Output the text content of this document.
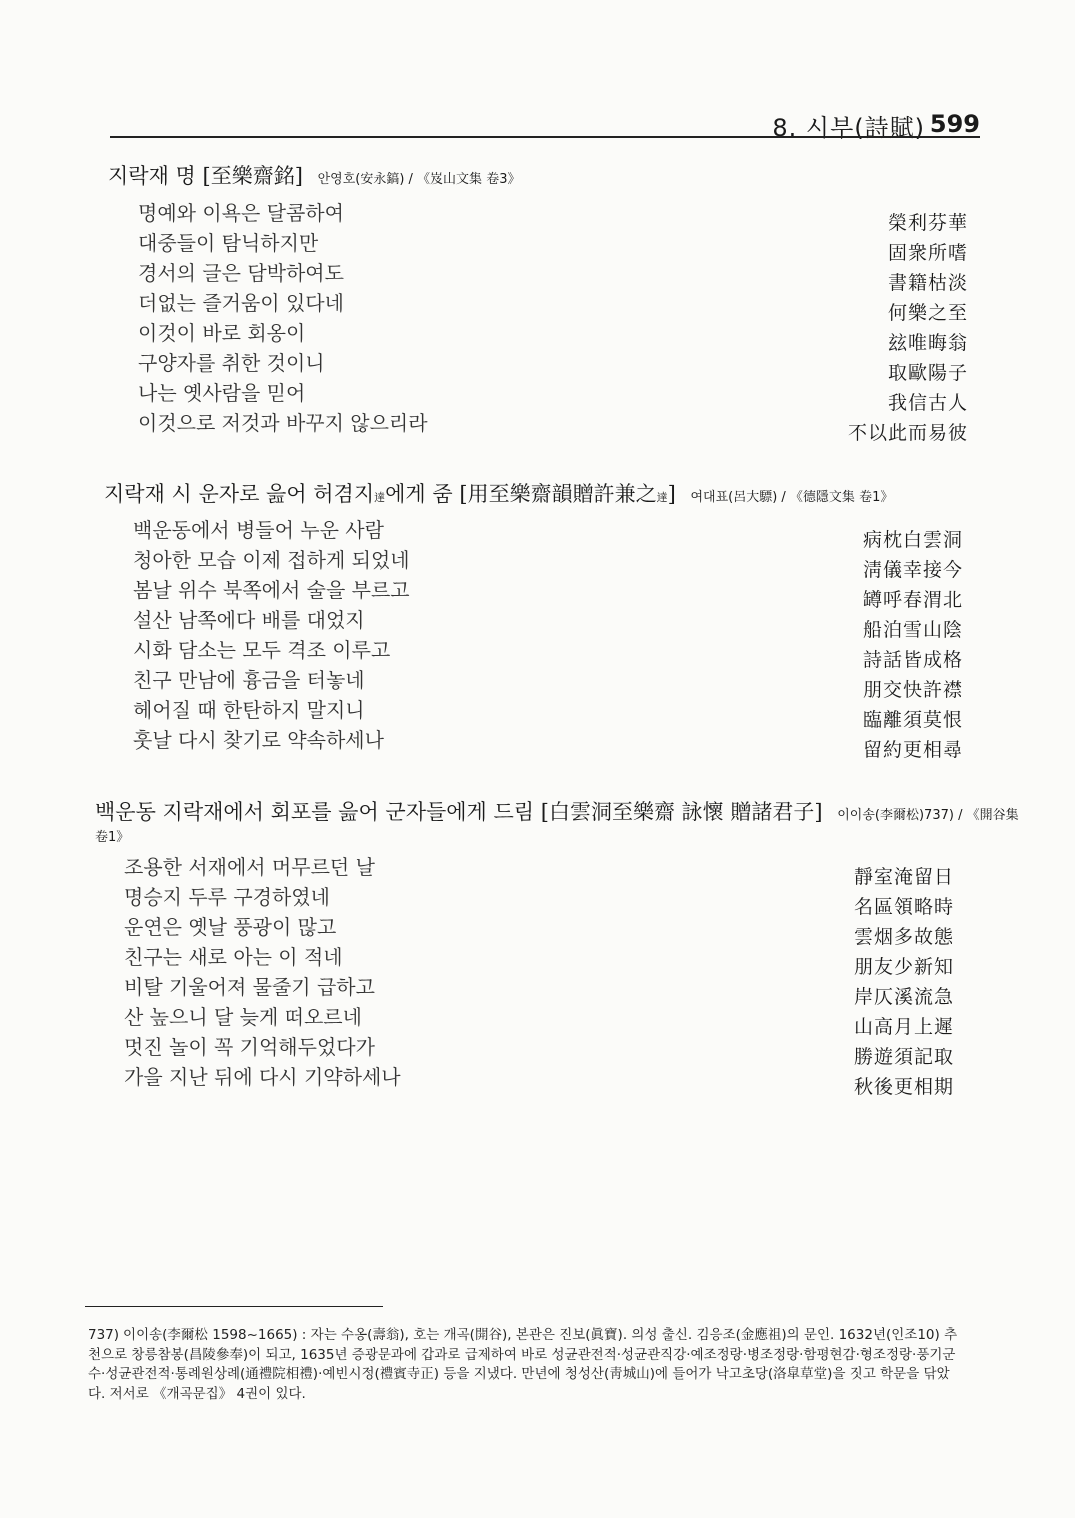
8. 시부(詩賦) 599
지락재 명 [至樂齋銘] 안영호(安永鎬) / 《岌山文集 卷3》
명예와 이욕은 달콤하여
대중들이 탐닉하지만
경서의 글은 담박하여도
더없는 즐거움이 있다네
이것이 바로 회옹이
구양자를 취한 것이니
나는 옛사람을 믿어
이것으로 저것과 바꾸지 않으리라
榮利芬華
固衆所嗜
書籍枯淡
何樂之至
玆唯晦翁
取歐陽子
我信古人
不以此而易彼
지락재 시 운자로 읊어 허겸지達에게 줌 [用至樂齋韻贈許兼之達] 여대표(呂大驃) / 《德隱文集 卷1》
백운동에서 병들어 누운 사람
청아한 모습 이제 접하게 되었네
봄날 위수 북쪽에서 술을 부르고
설산 남쪽에다 배를 대었지
시화 담소는 모두 격조 이루고
친구 만남에 흉금을 터놓네
헤어질 때 한탄하지 말지니
훗날 다시 찾기로 약속하세나
病枕白雲洞
淸儀幸接今
罇呼春渭北
船泊雪山陰
詩話皆成格
朋交快許襟
臨離須莫恨
留約更相尋
백운동 지락재에서 회포를 읊어 군자들에게 드림 [白雲洞至樂齋 詠懷 贈諸君子] 이이송(李爾松)737) / 《開谷集
卷1》
조용한 서재에서 머무르던 날
명승지 두루 구경하였네
운연은 옛날 풍광이 많고
친구는 새로 아는 이 적네
비탈 기울어져 물줄기 급하고
산 높으니 달 늦게 떠오르네
멋진 놀이 꼭 기억해두었다가
가을 지난 뒤에 다시 기약하세나
靜室淹留日
名區領略時
雲烟多故態
朋友少新知
岸仄溪流急
山高月上遲
勝遊須記取
秋後更相期
737) 이이송(李爾松 1598~1665) : 자는 수옹(壽翁), 호는 개곡(開谷), 본관은 진보(眞寶). 의성 출신. 김응조(金應祖)의 문인. 1632년(인조10) 추천으로 창릉참봉(昌陵參奉)이 되고, 1635년 증광문과에 갑과로 급제하여 바로 성균관전적·성균관직강·예조정랑·병조정랑·함평현감·형조정랑·풍기군수·성균관전적·통례원상례(通禮院相禮)·예빈시정(禮賓寺正) 등을 지냈다. 만년에 청성산(靑城山)에 들어가 낙고초당(洛皐草堂)을 짓고 학문을 닦았다. 저서로 《개곡문집》 4권이 있다.
